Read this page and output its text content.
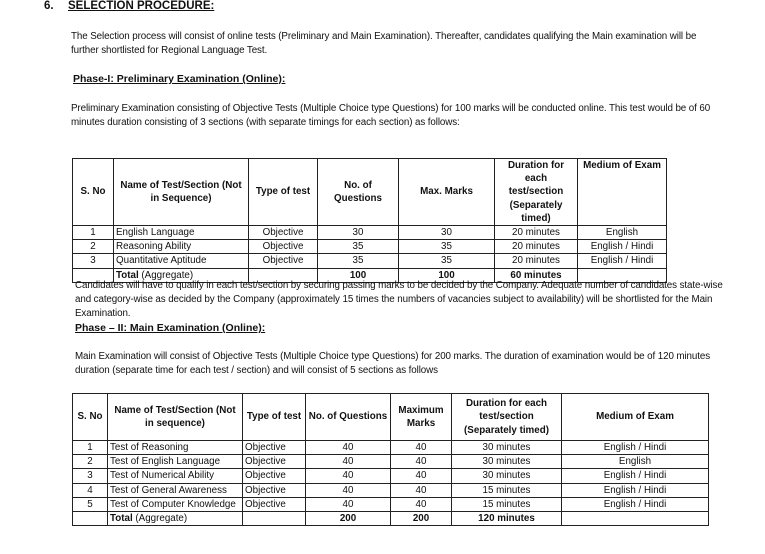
6. SELECTION PROCEDURE:
The Selection process will consist of online tests (Preliminary and Main Examination). Thereafter, candidates qualifying the Main examination will be further shortlisted for Regional Language Test.
Phase-I: Preliminary Examination (Online):
Preliminary Examination consisting of Objective Tests (Multiple Choice type Questions) for 100 marks will be conducted online. This test would be of 60 minutes duration consisting of 3 sections (with separate timings for each section) as follows:
S. No	Name of Test/Section (Not in Sequence)	Type of test	No. of Questions	Max. Marks	Duration for each test/section (Separately timed)	Medium of Exam
1	English Language	Objective	30	30	20 minutes	English
2	Reasoning Ability	Objective	35	35	20 minutes	English / Hindi
3	Quantitative Aptitude	Objective	35	35	20 minutes	English / Hindi
	Total (Aggregate)		100	100	60 minutes	
Candidates will have to qualify in each test/section by securing passing marks to be decided by the Company. Adequate number of candidates state-wise and category-wise as decided by the Company (approximately 15 times the numbers of vacancies subject to availability) will be shortlisted for the Main Examination.
Phase – II: Main Examination (Online):
Main Examination will consist of Objective Tests (Multiple Choice type Questions) for 200 marks. The duration of examination would be of 120 minutes duration (separate time for each test / section) and will consist of 5 sections as follows
S. No	Name of Test/Section (Not in sequence)	Type of test	No. of Questions	Maximum Marks	Duration for each test/section (Separately timed)	Medium of Exam
1	Test of Reasoning	Objective	40	40	30 minutes	English / Hindi
2	Test of English Language	Objective	40	40	30 minutes	English
3	Test of Numerical Ability	Objective	40	40	30 minutes	English / Hindi
4	Test of General Awareness	Objective	40	40	15 minutes	English / Hindi
5	Test of Computer Knowledge	Objective	40	40	15 minutes	English / Hindi
	Total (Aggregate)		200	200	120 minutes	
